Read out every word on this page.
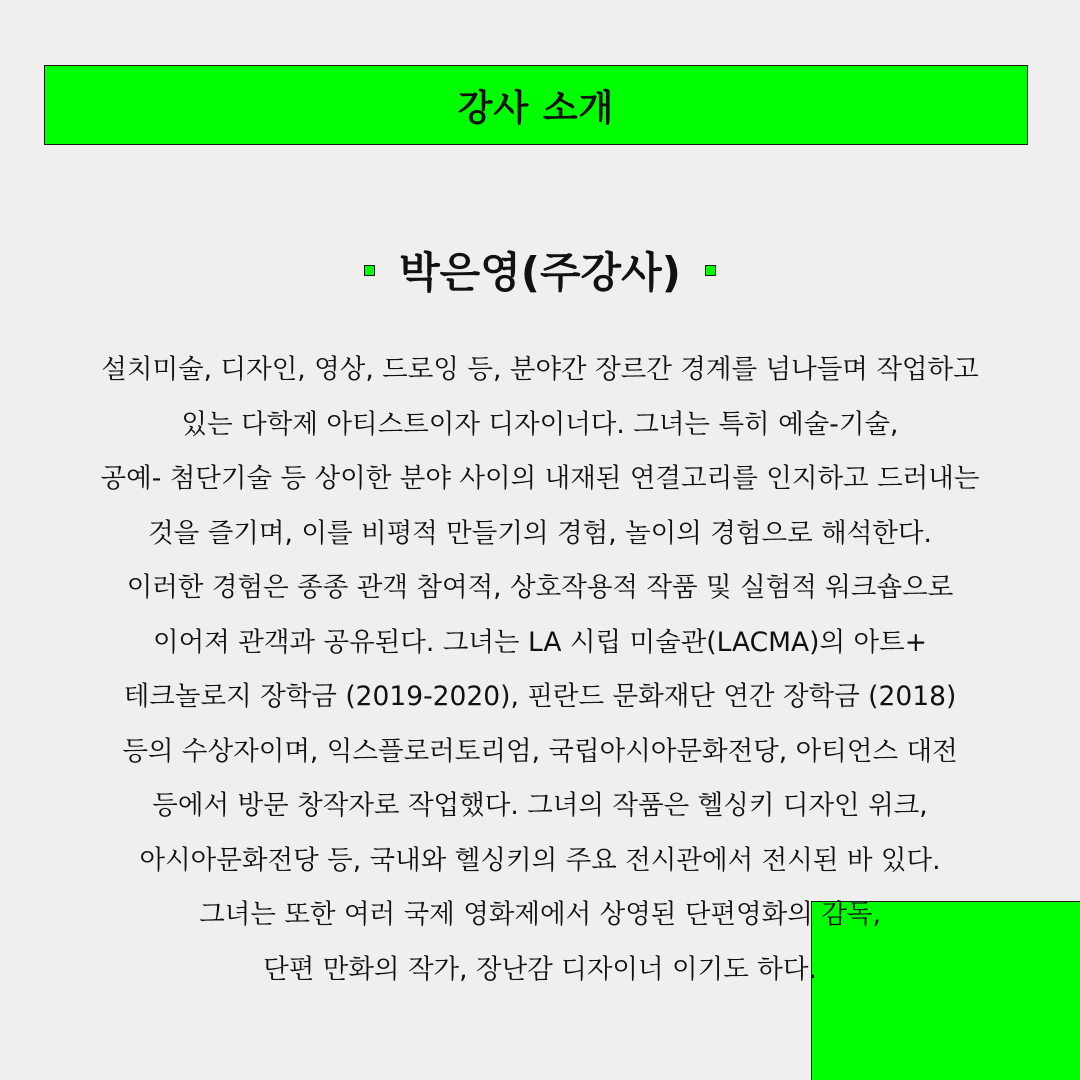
강사 소개
박은영(주강사)
설치미술, 디자인, 영상, 드로잉 등, 분야간 장르간 경계를 넘나들며 작업하고
있는 다학제 아티스트이자 디자이너다. 그녀는 특히 예술-기술,
공예- 첨단기술 등 상이한 분야 사이의 내재된 연결고리를 인지하고 드러내는
것을 즐기며, 이를 비평적 만들기의 경험, 놀이의 경험으로 해석한다.
이러한 경험은 종종 관객 참여적, 상호작용적 작품 및 실험적 워크숍으로
이어져 관객과 공유된다. 그녀는 LA 시립 미술관(LACMA)의 아트+
테크놀로지 장학금 (2019-2020), 핀란드 문화재단 연간 장학금 (2018)
등의 수상자이며, 익스플로러토리엄, 국립아시아문화전당, 아티언스 대전
등에서 방문 창작자로 작업했다. 그녀의 작품은 헬싱키 디자인 위크,
아시아문화전당 등, 국내와 헬싱키의 주요 전시관에서 전시된 바 있다.
그녀는 또한 여러 국제 영화제에서 상영된 단편영화의 감독,
단편 만화의 작가, 장난감 디자이너 이기도 하다.
